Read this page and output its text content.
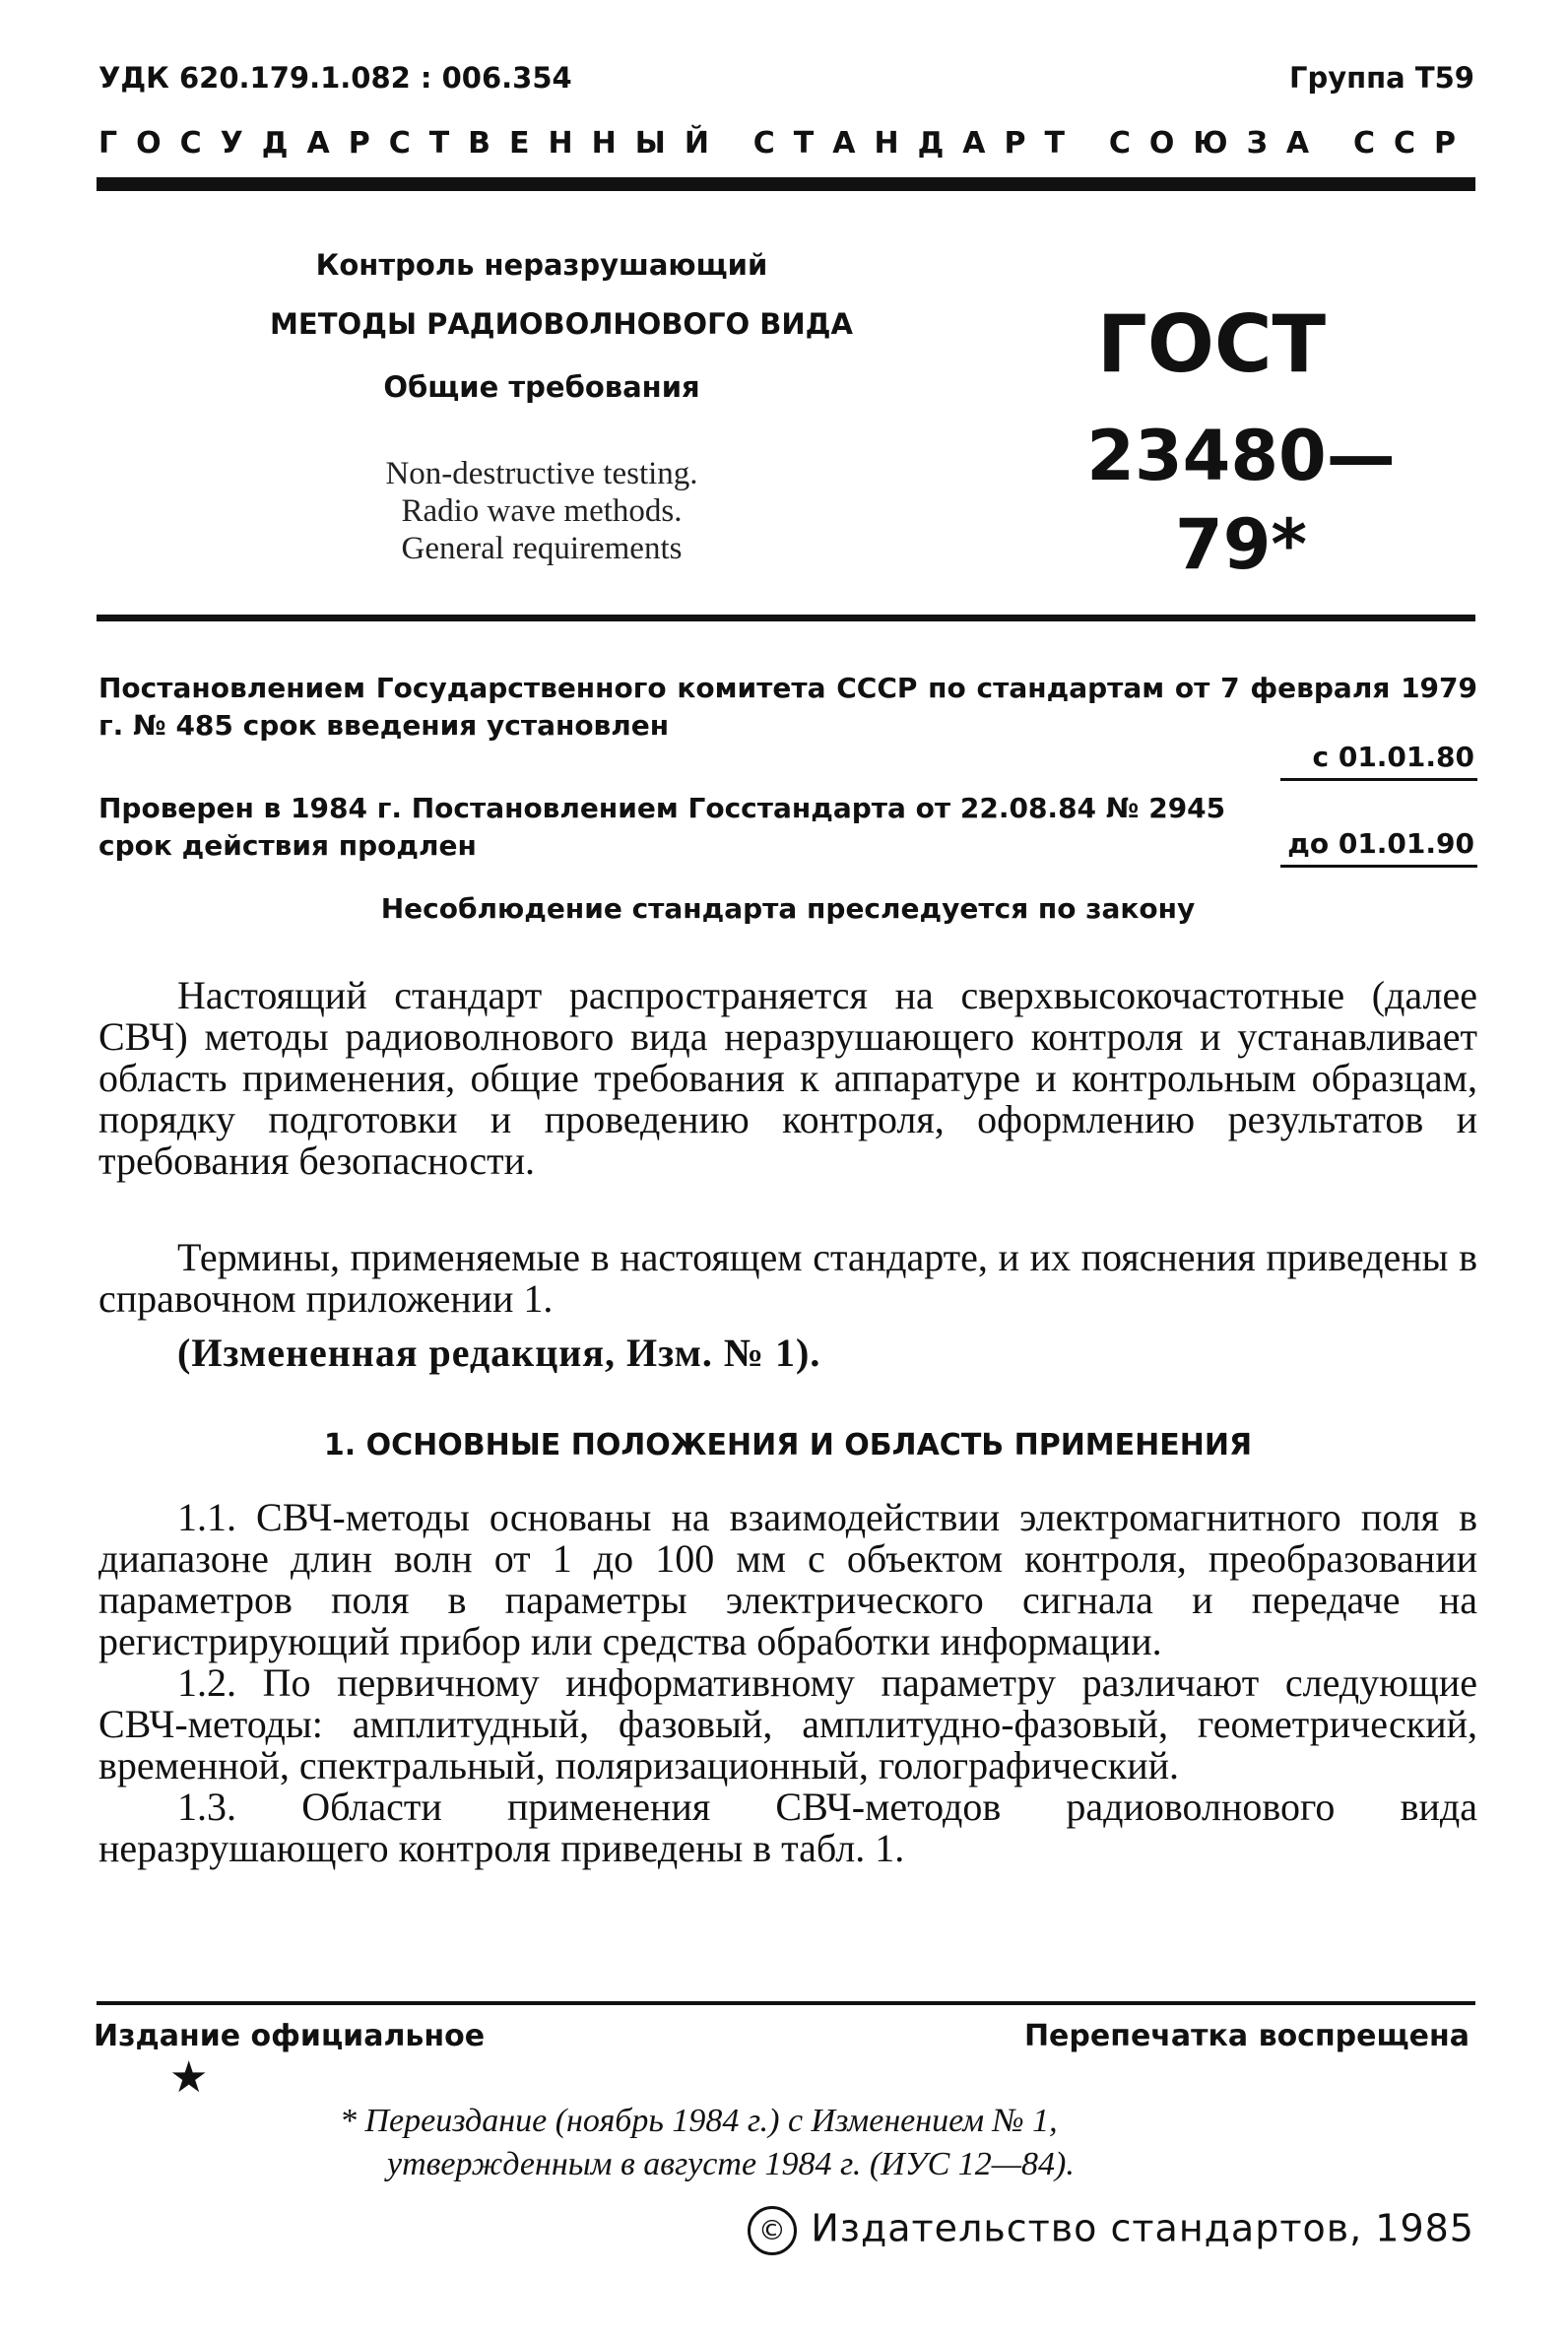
УДК 620.179.1.082 : 006.354	Группа Т59
ГОСУДАРСТВЕННЫЙ СТАНДАРТ СОЮЗА ССР
Контроль неразрушающий
МЕТОДЫ РАДИОВОЛНОВОГО ВИДА
Общие требования
Non-destructive testing.
Radio wave methods.
General requirements
ГОСТ
23480—79*
Постановлением Государственного комитета СССР по стандартам от 7 февраля 1979 г. № 485 срок введения установлен
с 01.01.80
Проверен в 1984 г. Постановлением Госстандарта от 22.08.84 № 2945 срок действия продлен	до 01.01.90
Несоблюдение стандарта преследуется по закону

Настоящий стандарт распространяется на сверхвысокочастотные (далее СВЧ) методы радиоволнового вида неразрушающего контроля и устанавливает область применения, общие требования к аппаратуре и контрольным образцам, порядку подготовки и проведению контроля, оформлению результатов и требования безопасности.

Термины, применяемые в настоящем стандарте, и их пояснения приведены в справочном приложении 1.

(Измененная редакция, Изм. № 1).
1. ОСНОВНЫЕ ПОЛОЖЕНИЯ И ОБЛАСТЬ ПРИМЕНЕНИЯ

1.1. СВЧ-методы основаны на взаимодействии электромагнитного поля в диапазоне длин волн от 1 до 100 мм с объектом контроля, преобразовании параметров поля в параметры электрического сигнала и передаче на регистрирующий прибор или средства обработки информации.

1.2. По первичному информативному параметру различают следующие СВЧ-методы: амплитудный, фазовый, амплитудно-фазовый, геометрический, временной, спектральный, поляризационный, голографический.

1.3. Области применения СВЧ-методов радиоволнового вида неразрушающего контроля приведены в табл. 1.

Издание официальное	Перепечатка воспрещена
★
* Переиздание (ноябрь 1984 г.) с Изменением № 1,
утвержденным в августе 1984 г. (ИУС 12—84).
© Издательство стандартов, 1985
